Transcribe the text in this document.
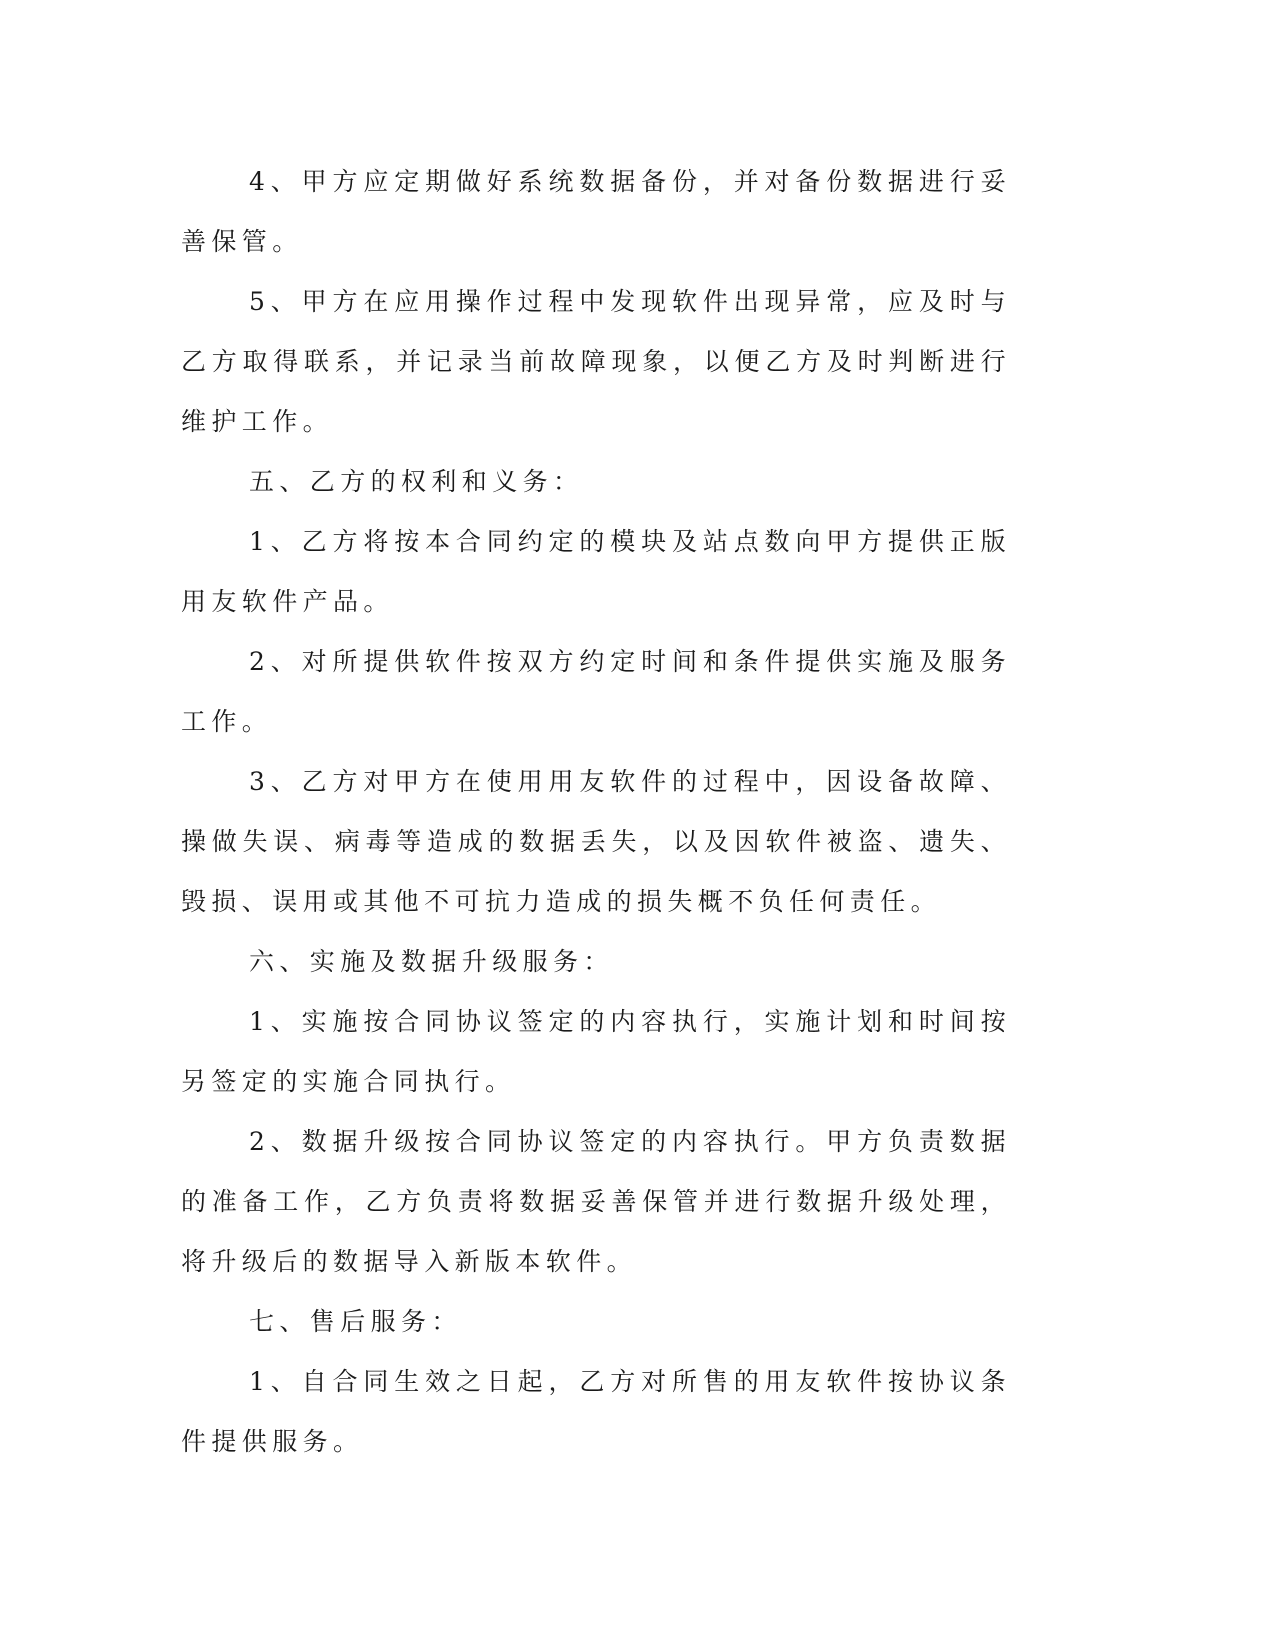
4、甲方应定期做好系统数据备份，并对备份数据进行妥善保管。

5、甲方在应用操作过程中发现软件出现异常，应及时与乙方取得联系，并记录当前故障现象，以便乙方及时判断进行维护工作。

五、乙方的权利和义务：

1、乙方将按本合同约定的模块及站点数向甲方提供正版用友软件产品。

2、对所提供软件按双方约定时间和条件提供实施及服务工作。

3、乙方对甲方在使用用友软件的过程中，因设备故障、操做失误、病毒等造成的数据丢失，以及因软件被盗、遗失、毁损、误用或其他不可抗力造成的损失概不负任何责任。

六、实施及数据升级服务：

1、实施按合同协议签定的内容执行，实施计划和时间按另签定的实施合同执行。

2、数据升级按合同协议签定的内容执行。甲方负责数据的准备工作，乙方负责将数据妥善保管并进行数据升级处理，将升级后的数据导入新版本软件。

七、售后服务：

1、自合同生效之日起，乙方对所售的用友软件按协议条件提供服务。
